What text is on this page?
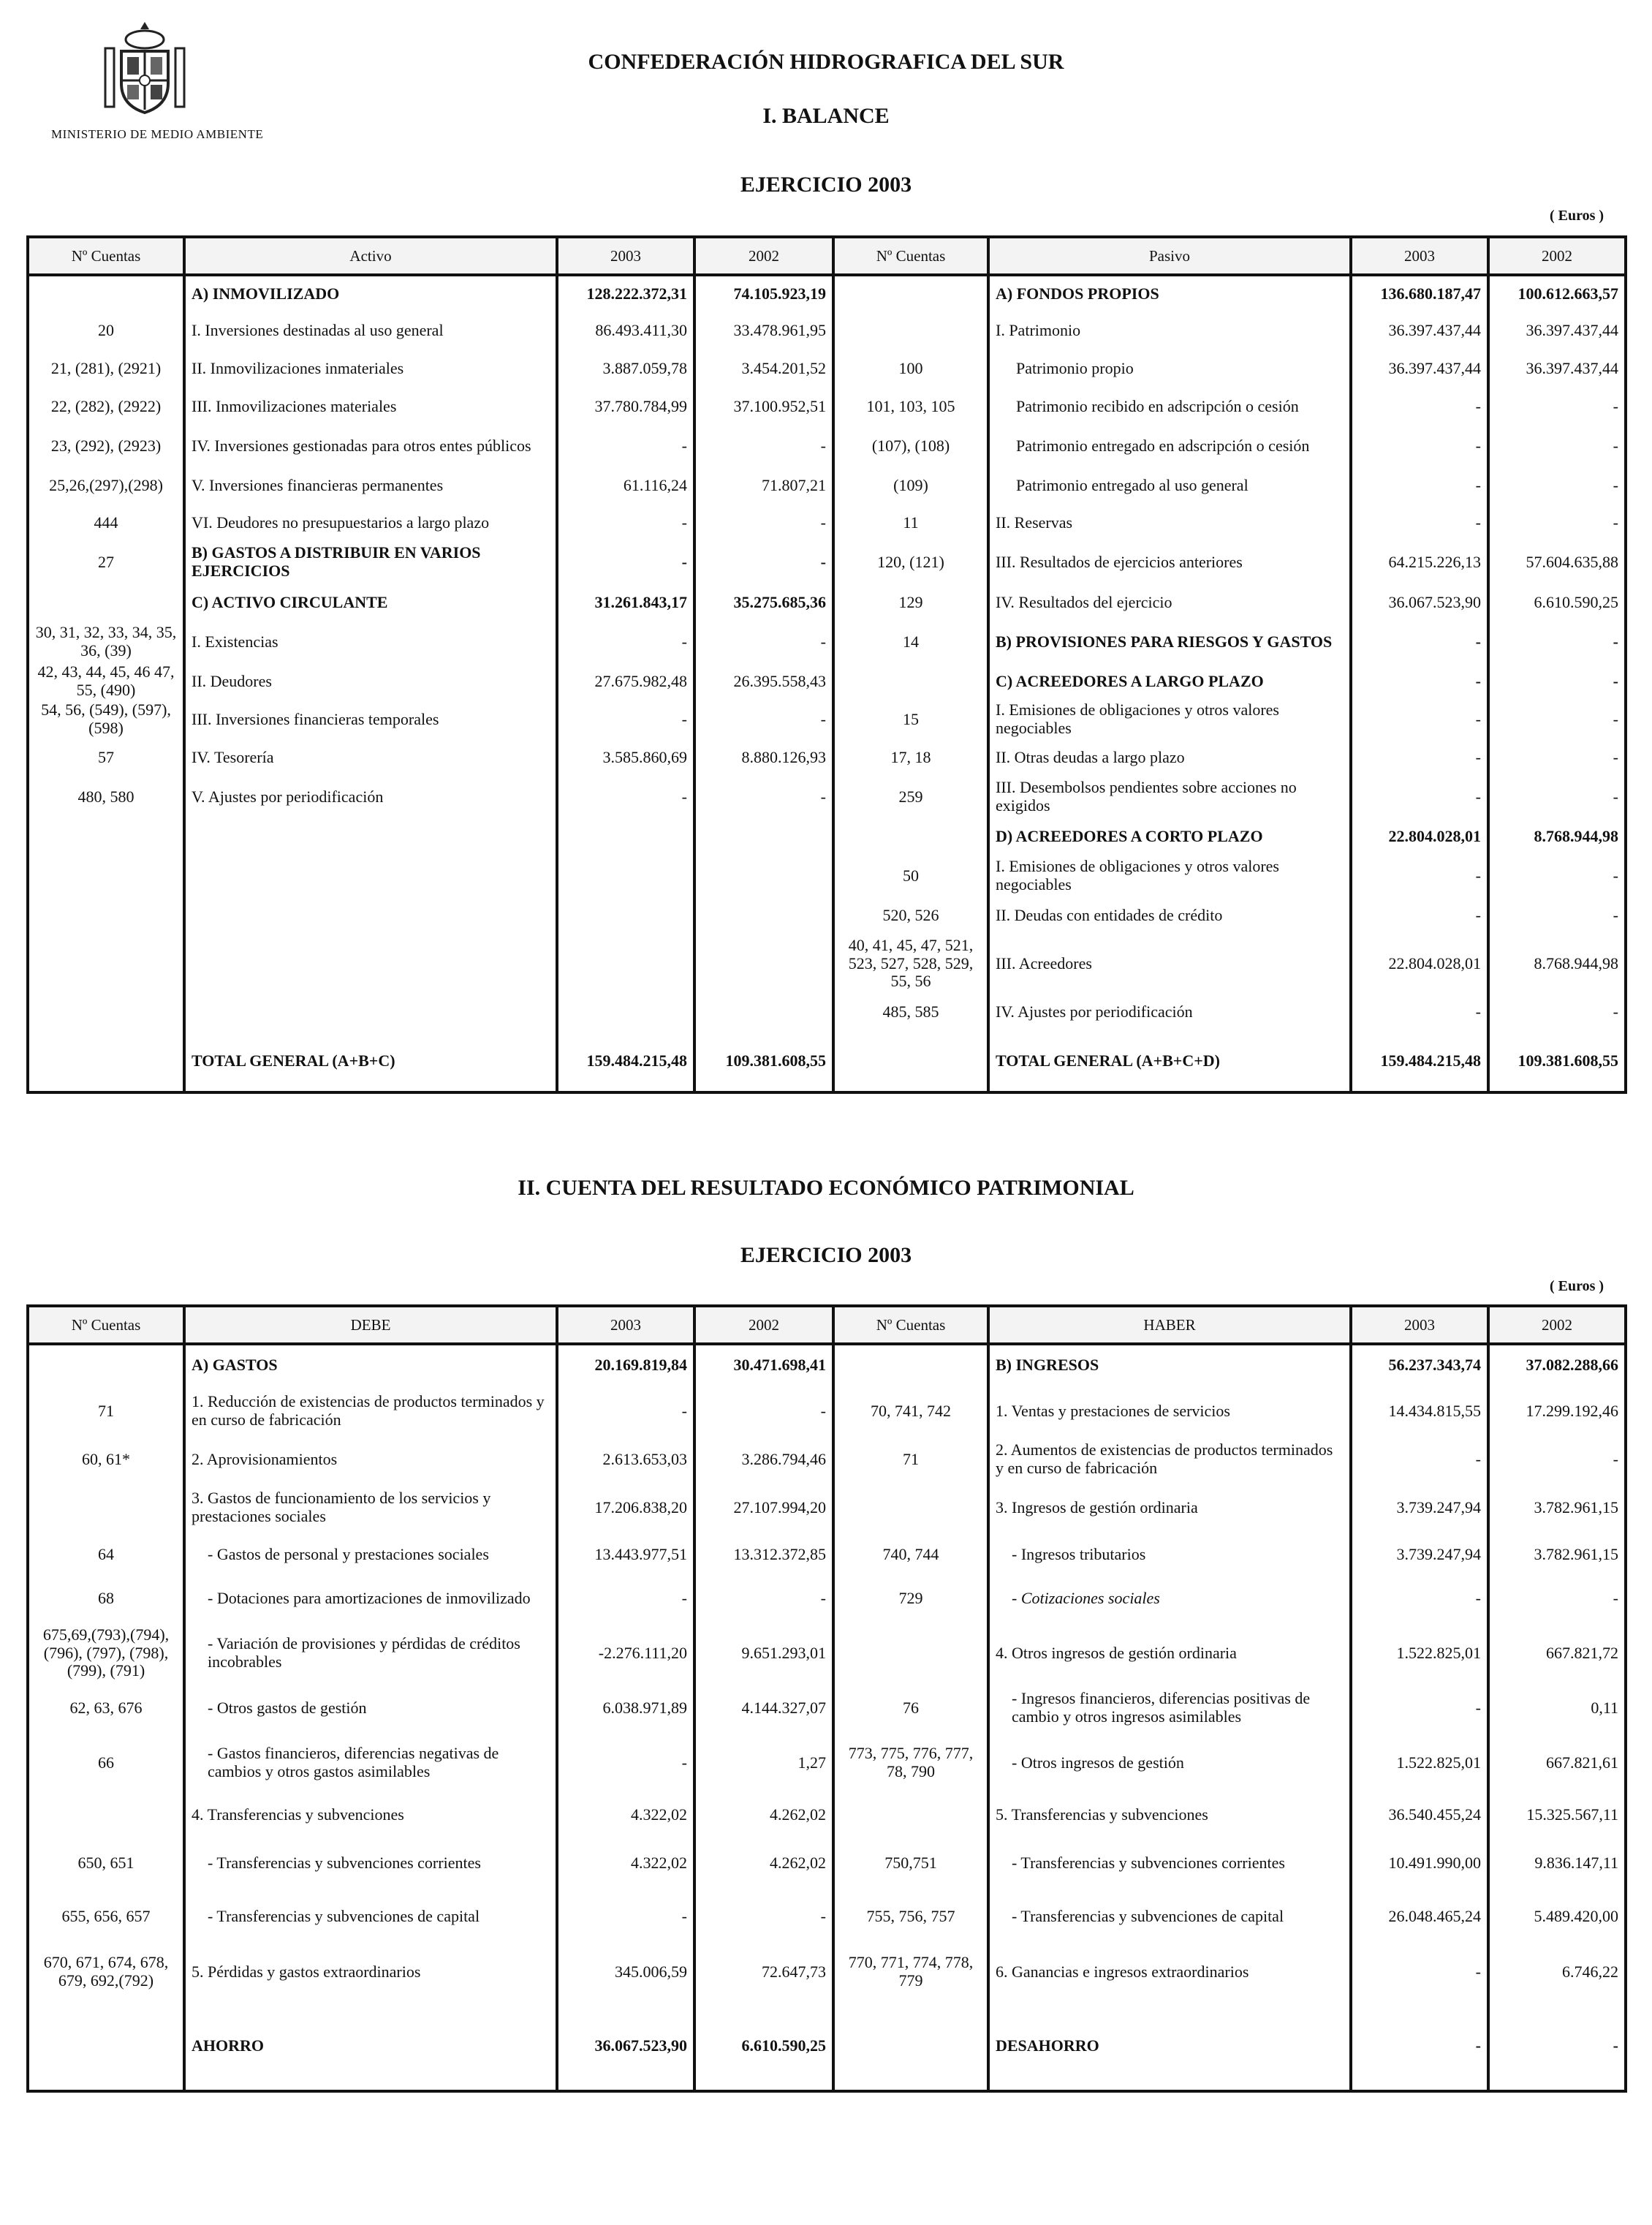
MINISTERIO DE MEDIO AMBIENTE
CONFEDERACIÓN HIDROGRAFICA DEL SUR
I. BALANCE
EJERCICIO 2003
( Euros )
Nº Cuentas	Activo	2003	2002	Nº Cuentas	Pasivo	2003	2002
	A) INMOVILIZADO	128.222.372,31	74.105.923,19		A) FONDOS PROPIOS	136.680.187,47	100.612.663,57
20	I. Inversiones destinadas al uso general	86.493.411,30	33.478.961,95		I. Patrimonio	36.397.437,44	36.397.437,44
21, (281), (2921)	II. Inmovilizaciones inmateriales	3.887.059,78	3.454.201,52	100	Patrimonio propio	36.397.437,44	36.397.437,44
22, (282), (2922)	III. Inmovilizaciones materiales	37.780.784,99	37.100.952,51	101, 103, 105	Patrimonio recibido en adscripción o cesión	-	-
23, (292), (2923)	IV. Inversiones gestionadas para otros entes públicos	-	-	(107), (108)	Patrimonio entregado en adscripción o cesión	-	-
25,26,(297),(298)	V. Inversiones financieras permanentes	61.116,24	71.807,21	(109)	Patrimonio entregado al uso general	-	-
444	VI. Deudores no presupuestarios a largo plazo	-	-	11	II. Reservas	-	-
27	B) GASTOS A DISTRIBUIR EN VARIOS EJERCICIOS	-	-	120, (121)	III. Resultados de ejercicios anteriores	64.215.226,13	57.604.635,88
	C) ACTIVO CIRCULANTE	31.261.843,17	35.275.685,36	129	IV. Resultados del ejercicio	36.067.523,90	6.610.590,25
30, 31, 32, 33, 34, 35, 36, (39)	I. Existencias	-	-	14	B) PROVISIONES PARA RIESGOS Y GASTOS	-	-
42, 43, 44, 45, 46 47, 55, (490)	II. Deudores	27.675.982,48	26.395.558,43		C) ACREEDORES A LARGO PLAZO	-	-
54, 56, (549), (597), (598)	III. Inversiones financieras temporales	-	-	15	I. Emisiones de obligaciones y otros valores negociables	-	-
57	IV. Tesorería	3.585.860,69	8.880.126,93	17, 18	II. Otras deudas a largo plazo	-	-
480, 580	V. Ajustes por periodificación	-	-	259	III. Desembolsos pendientes sobre acciones no exigidos	-	-
					D) ACREEDORES A CORTO PLAZO	22.804.028,01	8.768.944,98
				50	I. Emisiones de obligaciones y otros valores negociables	-	-
				520, 526	II. Deudas con entidades de crédito	-	-
				40, 41, 45, 47, 521, 523, 527, 528, 529, 55, 56	III. Acreedores	22.804.028,01	8.768.944,98
				485, 585	IV. Ajustes por periodificación	-	-
	TOTAL GENERAL (A+B+C)	159.484.215,48	109.381.608,55		TOTAL GENERAL (A+B+C+D)	159.484.215,48	109.381.608,55
II. CUENTA DEL RESULTADO ECONÓMICO PATRIMONIAL
EJERCICIO 2003
( Euros )
Nº Cuentas	DEBE	2003	2002	Nº Cuentas	HABER	2003	2002
	A) GASTOS	20.169.819,84	30.471.698,41		B) INGRESOS	56.237.343,74	37.082.288,66
71	1. Reducción de existencias de productos terminados y en curso de fabricación	-	-	70, 741, 742	1. Ventas y prestaciones de servicios	14.434.815,55	17.299.192,46
60, 61*	2. Aprovisionamientos	2.613.653,03	3.286.794,46	71	2. Aumentos de existencias de productos terminados y en curso de fabricación	-	-
	3. Gastos de funcionamiento de los servicios y prestaciones sociales	17.206.838,20	27.107.994,20		3. Ingresos de gestión ordinaria	3.739.247,94	3.782.961,15
64	- Gastos de personal y prestaciones sociales	13.443.977,51	13.312.372,85	740, 744	- Ingresos tributarios	3.739.247,94	3.782.961,15
68	- Dotaciones para amortizaciones de inmovilizado	-	-	729	- Cotizaciones sociales	-	-
675,69,(793),(794), (796), (797), (798), (799), (791)	- Variación de provisiones y pérdidas de créditos incobrables	-2.276.111,20	9.651.293,01		4. Otros ingresos de gestión ordinaria	1.522.825,01	667.821,72
62, 63, 676	- Otros gastos de gestión	6.038.971,89	4.144.327,07	76	- Ingresos financieros, diferencias positivas de cambio y otros ingresos asimilables	-	0,11
66	- Gastos financieros, diferencias negativas de cambios y otros gastos asimilables	-	1,27	773, 775, 776, 777, 78, 790	- Otros ingresos de gestión	1.522.825,01	667.821,61
	4. Transferencias y subvenciones	4.322,02	4.262,02		5. Transferencias y subvenciones	36.540.455,24	15.325.567,11
650, 651	- Transferencias y subvenciones corrientes	4.322,02	4.262,02	750,751	- Transferencias y subvenciones corrientes	10.491.990,00	9.836.147,11
655, 656, 657	- Transferencias y subvenciones de capital	-	-	755, 756, 757	- Transferencias y subvenciones de capital	26.048.465,24	5.489.420,00
670, 671, 674, 678, 679, 692,(792)	5. Pérdidas y gastos extraordinarios	345.006,59	72.647,73	770, 771, 774, 778, 779	6. Ganancias e ingresos extraordinarios	-	6.746,22
	AHORRO	36.067.523,90	6.610.590,25		DESAHORRO	-	-
